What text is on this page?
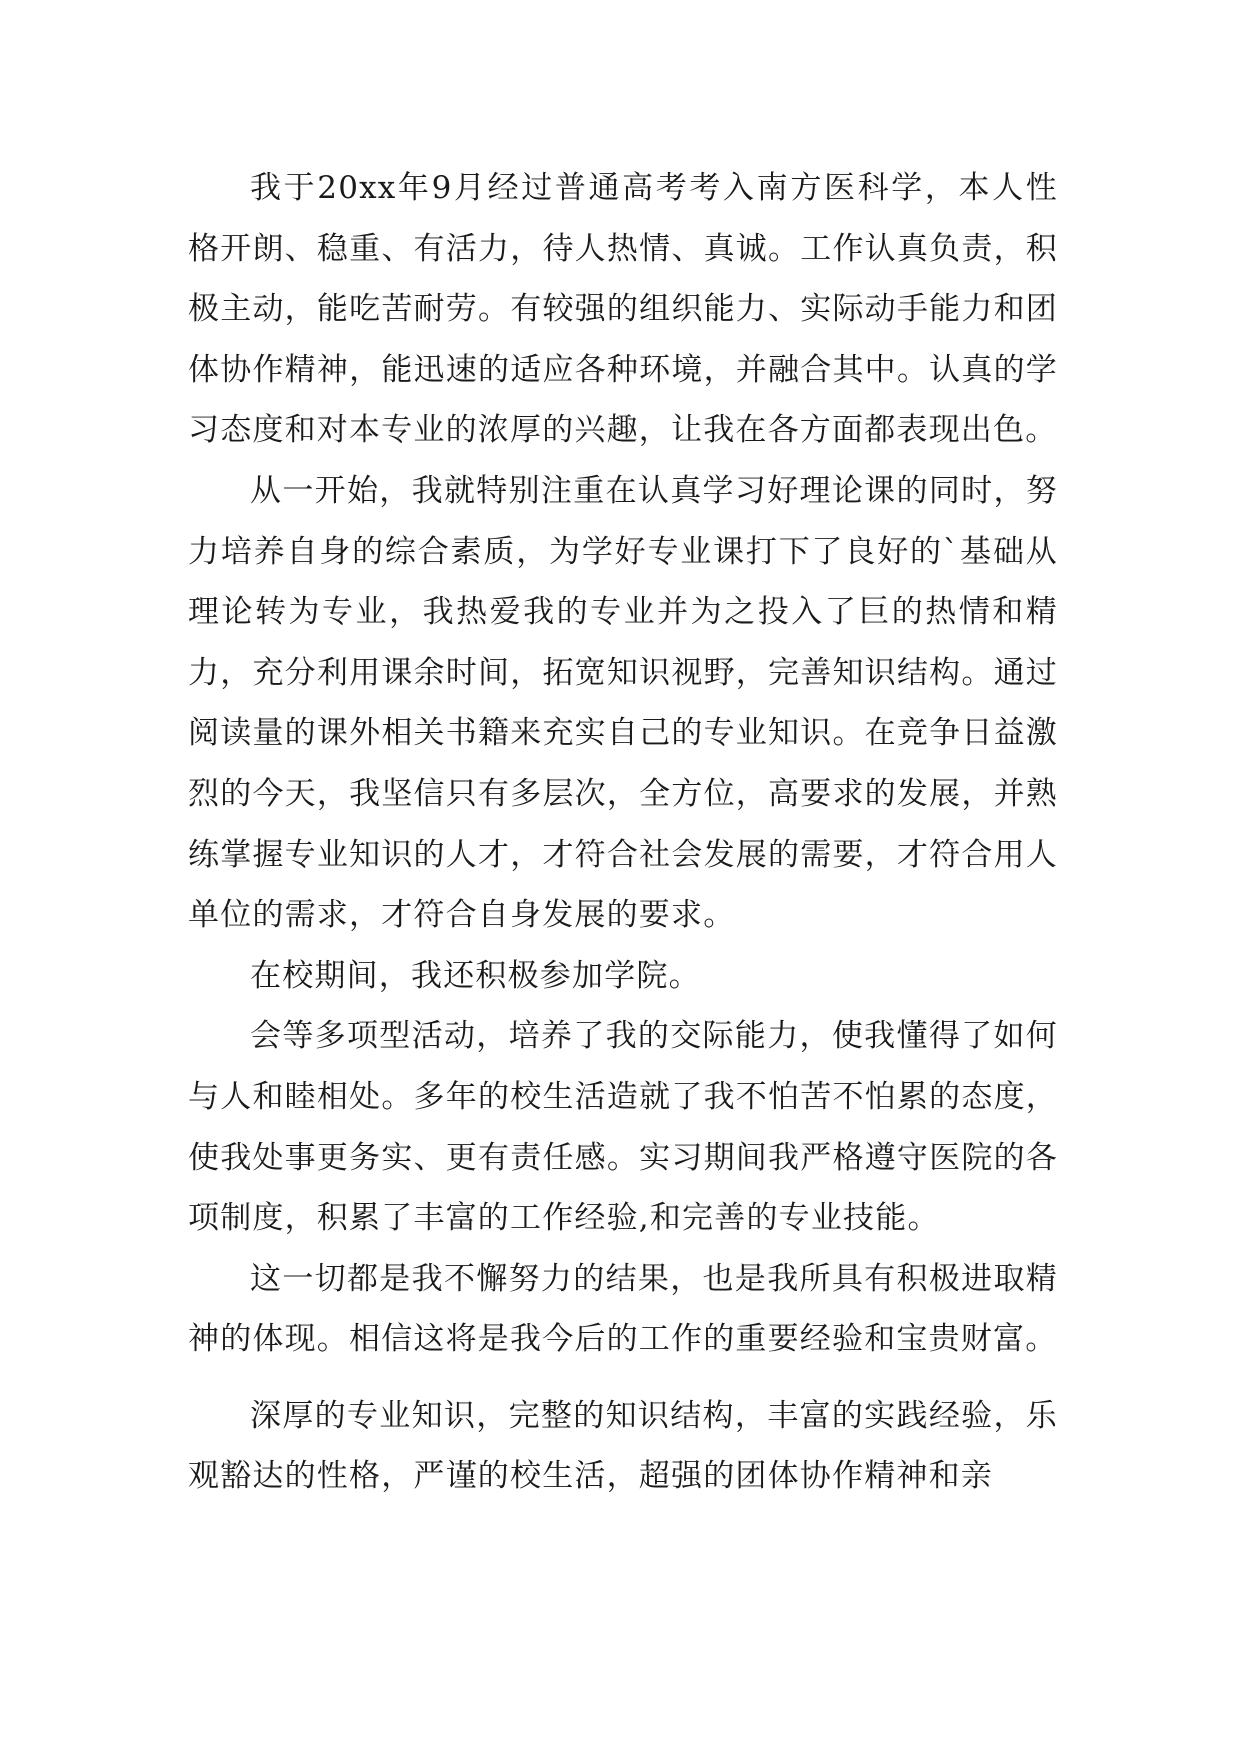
我于20xx年9月经过普通高考考入南方医科学，本人性格开朗、稳重、有活力，待人热情、真诚。工作认真负责，积极主动，能吃苦耐劳。有较强的组织能力、实际动手能力和团体协作精神，能迅速的适应各种环境，并融合其中。认真的学习态度和对本专业的浓厚的兴趣，让我在各方面都表现出色。

从一开始，我就特别注重在认真学习好理论课的同时，努力培养自身的综合素质，为学好专业课打下了良好的`基础从理论转为专业，我热爱我的专业并为之投入了巨的热情和精力，充分利用课余时间，拓宽知识视野，完善知识结构。通过阅读量的课外相关书籍来充实自己的专业知识。在竞争日益激烈的今天，我坚信只有多层次，全方位，高要求的发展，并熟练掌握专业知识的人才，才符合社会发展的需要，才符合用人单位的需求，才符合自身发展的要求。

在校期间，我还积极参加学院。

会等多项型活动，培养了我的交际能力，使我懂得了如何与人和睦相处。多年的校生活造就了我不怕苦不怕累的态度，使我处事更务实、更有责任感。实习期间我严格遵守医院的各项制度，积累了丰富的工作经验,和完善的专业技能。

这一切都是我不懈努力的结果，也是我所具有积极进取精神的体现。相信这将是我今后的工作的重要经验和宝贵财富。

深厚的专业知识，完整的知识结构，丰富的实践经验，乐观豁达的性格，严谨的校生活，超强的团体协作精神和亲
